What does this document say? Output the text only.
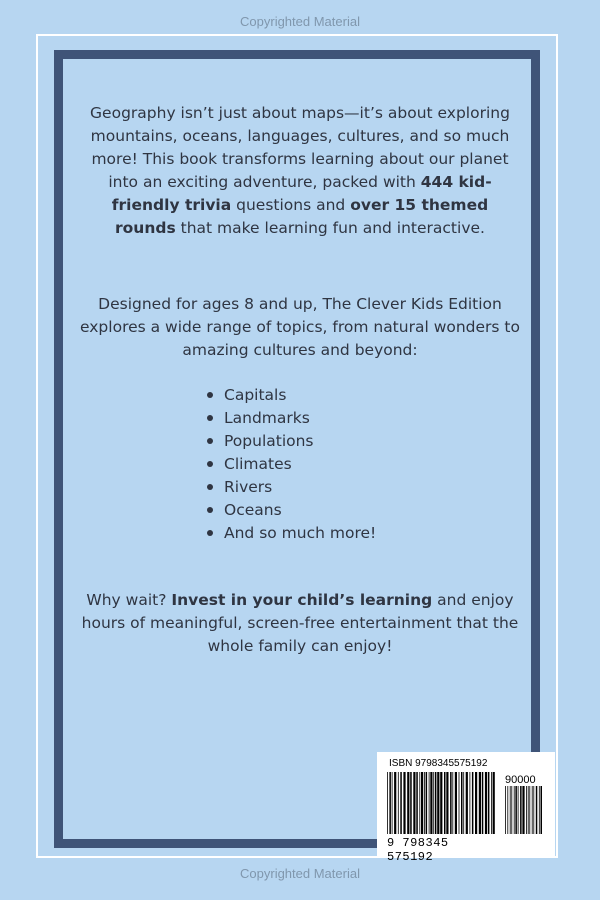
Copyrighted Material
Geography isn’t just about maps—it’s about exploring mountains, oceans, languages, cultures, and so much more! This book transforms learning about our planet into an exciting adventure, packed with 444 kid-friendly trivia questions and over 15 themed rounds that make learning fun and interactive.
Designed for ages 8 and up, The Clever Kids Edition explores a wide range of topics, from natural wonders to amazing cultures and beyond:
Capitals
Landmarks
Populations
Climates
Rivers
Oceans
And so much more!
Why wait? Invest in your child’s learning and enjoy hours of meaningful, screen-free entertainment that the whole family can enjoy!
ISBN 9798345575192
90000
9 798345 575192
Copyrighted Material
